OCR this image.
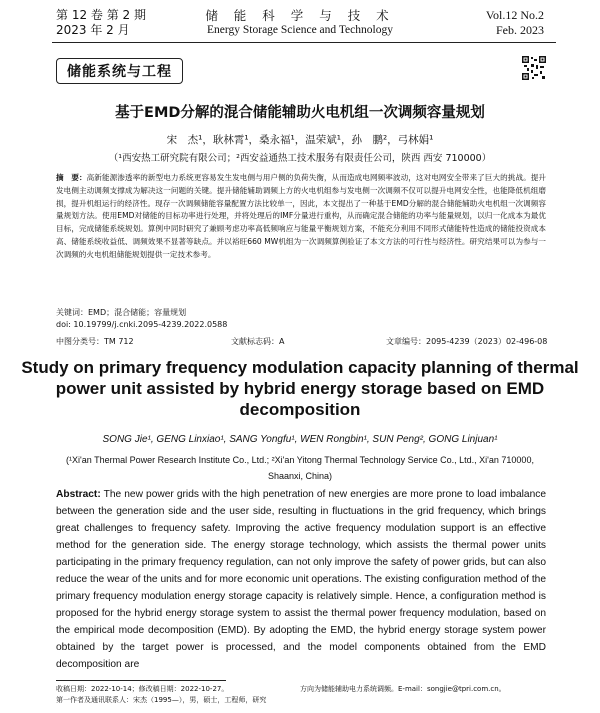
第 12 卷 第 2 期
2023 年 2 月
储 能 科 学 与 技 术
Energy Storage Science and Technology
Vol.12 No.2
Feb. 2023
储能系统与工程
基于EMD分解的混合储能辅助火电机组一次调频容量规划
宋　杰¹，耿林霄¹，桑永福¹，温荣斌¹，孙　鹏²，弓林娟¹
（¹西安热工研究院有限公司；²西安益通热工技术服务有限责任公司，陕西 西安 710000）
摘　要：高新能源渗透率的新型电力系统更容易发生发电侧与用户侧的负荷失衡，从而造成电网频率波动，这对电网安全带来了巨大的挑战。提升发电侧主动调频支撑成为解决这一问题的关键。提升储能辅助调频上方的火电机组参与发电侧一次调频不仅可以提升电网安全性，也能降低机组磨损，提升机组运行的经济性。现存一次调频储能容量配置方法比较单一，因此，本文提出了一种基于EMD分解的混合储能辅助火电机组一次调频容量规划方法。使用EMD对储能的目标功率进行处理，并将处理后的IMF分量进行重构，从而确定混合储能的功率与能量规划，以归一化成本为最优目标，完成储能系统规划。算例中同时研究了兼顾考虑功率高低频响应与能量平衡规划方案，不能充分利用不同形式储能特性造成的储能投资成本高、储能系统收益低、调频效果不显著等缺点。并以裕旺660 MW机组为一次调频算例验证了本文方法的可行性与经济性。研究结果可以为参与一次调频的火电机组储能规划提供一定技术参考。
关键词：EMD；混合储能；容量规划
doi: 10.19799/j.cnki.2095-4239.2022.0588
中图分类号：TM 712	文献标志码：A	文章编号：2095-4239（2023）02-496-08
Study on primary frequency modulation capacity planning of thermal power unit assisted by hybrid energy storage based on EMD decomposition
SONG Jie¹, GENG Linxiao¹, SANG Yongfu¹, WEN Rongbin¹, SUN Peng², GONG Linjuan¹
(¹Xi'an Thermal Power Research Institute Co., Ltd.; ²Xi'an Yitong Thermal Technology Service Co., Ltd., Xi'an 710000, Shaanxi, China)
Abstract: The new power grids with the high penetration of new energies are more prone to load imbalance between the generation side and the user side, resulting in fluctuations in the grid frequency, which brings great challenges to frequency safety. Improving the active frequency modulation support is an effective method for the generation side. The energy storage technology, which assists the thermal power units participating in the primary frequency regulation, can not only improve the safety of power grids, but can also reduce the wear of the units and for more economic unit operations. The existing configuration method of the primary frequency modulation energy storage capacity is relatively simple. Hence, a configuration method is proposed for the hybrid energy storage system to assist the thermal power frequency modulation, based on the empirical mode decomposition (EMD). By adopting the EMD, the hybrid energy storage system power obtained by the target power is processed, and the model components obtained from the EMD decomposition are
收稿日期：2022-10-14；修改稿日期：2022-10-27。	方向为储能辅助电力系统调频。E-mail：songjie@tpri.com.cn。
第一作者及通讯联系人：宋杰（1995—），男，硕士，工程师，研究
